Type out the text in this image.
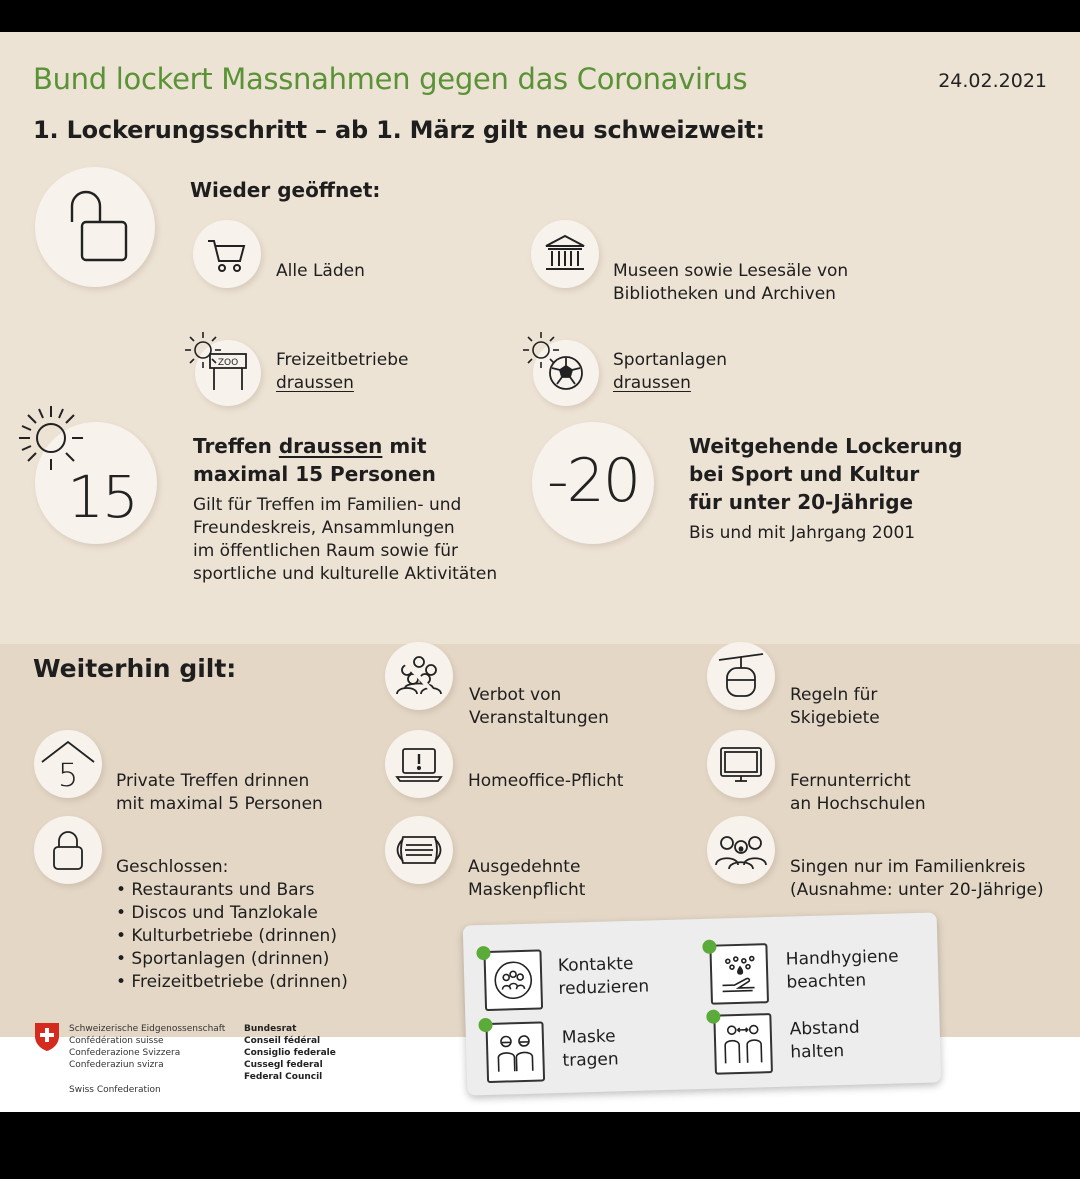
Bund lockert Massnahmen gegen das Coronavirus	24.02.2021
1. Lockerungsschritt – ab 1. März gilt neu schweizweit:
Wieder geöffnet:
Alle Läden	Museen sowie Lesesäle von
Bibliotheken und Archiven
ZOO Freizeitbetriebe
draussen
Sportanlagen
draussen
15
Treffen draussen mit
maximal 15 Personen
Gilt für Treffen im Familien- und
Freundeskreis, Ansammlungen
im öffentlichen Raum sowie für
sportliche und kulturelle Aktivitäten
-20	Weitgehende Lockerung
bei Sport und Kultur
für unter 20-Jährige
Bis und mit Jahrgang 2001
Weiterhin gilt:
Verbot von
Veranstaltungen
Regeln für
Skigebiete
5 Private Treffen drinnen
mit maximal 5 Personen
Homeoffice-Pflicht	Fernunterricht
an Hochschulen
Geschlossen:
• Restaurants und Bars
• Discos und Tanzlokale
• Kulturbetriebe (drinnen)
• Sportanlagen (drinnen)
• Freizeitbetriebe (drinnen)
Ausgedehnte
Maskenpflicht
Singen nur im Familienkreis
(Ausnahme: unter 20-Jährige)
Schweizerische Eidgenossenschaft
Confédération suisse
Confederazione Svizzera
Confederaziun svizra
Swiss Confederation
Bundesrat
Conseil fédéral
Consiglio federale
Cussegl federal
Federal Council
Kontakte
reduzieren
Handhygiene
beachten
Maske
tragen
Abstand
halten
